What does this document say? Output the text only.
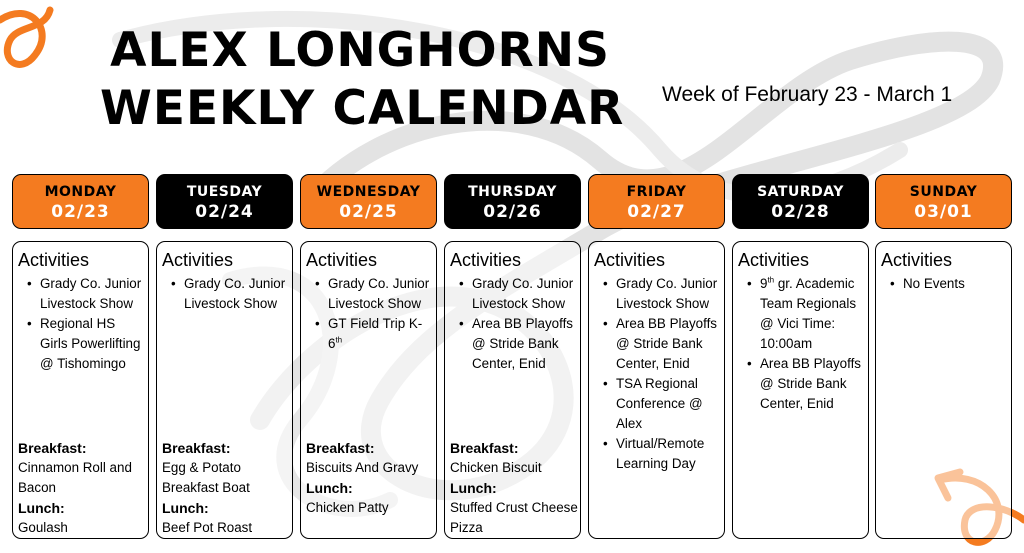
ALEX LONGHORNS
WEEKLY CALENDAR Week of February 23 - March 1
MONDAY
02/23
Activities
• Grady Co. Junior Livestock Show
• Regional HS Girls Powerlifting @ Tishomingo
Breakfast:
Cinnamon Roll and Bacon
Lunch:
Goulash
TUESDAY
02/24
Activities
• Grady Co. Junior Livestock Show
Breakfast:
Egg & Potato Breakfast Boat
Lunch:
Beef Pot Roast
WEDNESDAY
02/25
Activities
• Grady Co. Junior Livestock Show
• GT Field Trip K-6th
Breakfast:
Biscuits And Gravy
Lunch:
Chicken Patty
THURSDAY
02/26
Activities
• Grady Co. Junior Livestock Show
• Area BB Playoffs @ Stride Bank Center, Enid
Breakfast:
Chicken Biscuit
Lunch:
Stuffed Crust Cheese Pizza
FRIDAY
02/27
Activities
• Grady Co. Junior Livestock Show
• Area BB Playoffs @ Stride Bank Center, Enid
• TSA Regional Conference @ Alex
• Virtual/Remote Learning Day
SATURDAY
02/28
Activities
• 9th gr. Academic Team Regionals @ Vici Time: 10:00am
• Area BB Playoffs @ Stride Bank Center, Enid
SUNDAY
03/01
Activities
• No Events
